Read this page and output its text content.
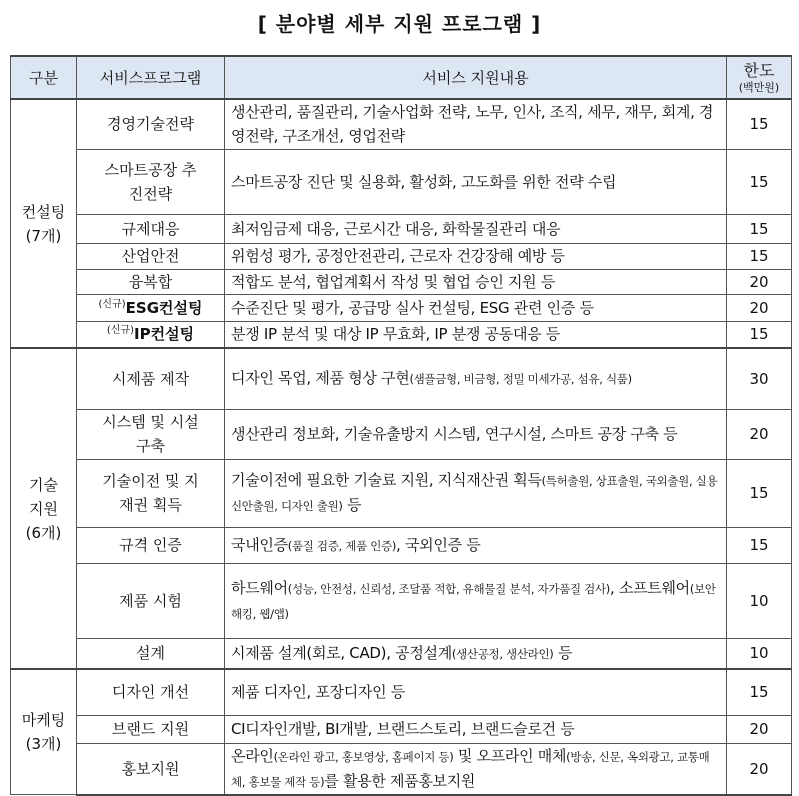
[ 분야별 세부 지원 프로그램 ]
구분	서비스프로그램	서비스 지원내용	한도
(백만원)

컨설팅
(7개)	경영기술전략	생산관리, 품질관리, 기술사업화 전략, 노무, 인사, 조직, 세무, 재무, 회계, 경영전략, 구조개선, 영업전략	15
	스마트공장 추진전략	스마트공장 진단 및 실용화, 활성화, 고도화를 위한 전략 수립	15
	규제대응	최저임금제 대응, 근로시간 대응, 화학물질관리 대응	15
	산업안전	위험성 평가, 공정안전관리, 근로자 건강장해 예방 등	15
	융복합	적합도 분석, 협업계획서 작성 및 협업 승인 지원 등	20
	$^{(신규)}$ESG컨설팅	수준진단 및 평가, 공급망 실사 컨설팅, ESG 관련 인증 등	20
	$^{(신규)}$IP컨설팅	분쟁 IP 분석 및 대상 IP 무효화, IP 분쟁 공동대응 등	15

기술 지원
(6개)	시제품 제작	디자인 목업, 제품 형상 구현(샘플금형, 비금형, 정밀 미세가공, 섬유, 식품)	30
	시스템 및 시설구축	생산관리 정보화, 기술유출방지 시스템, 연구시설, 스마트 공장 구축 등	20
	기술이전 및 지재권 획득	기술이전에 필요한 기술료 지원, 지식재산권 획득(특허출원, 상표출원, 국외출원, 실용신안출원, 디자인 출원) 등	15
	규격 인증	국내인증(품질 검증, 제품 인증), 국외인증 등	15
	제품 시험	하드웨어(성능, 안전성, 신뢰성, 조달품 적합, 유해물질 분석, 자가품질 검사), 소프트웨어(보안해킹, 웹/앱)	10
	설계	시제품 설계(회로, CAD), 공정설계(생산공정, 생산라인) 등	10

마케팅
(3개)	디자인 개선	제품 디자인, 포장디자인 등	15
	브랜드 지원	CI디자인개발, BI개발, 브랜드스토리, 브랜드슬로건 등	20
	홍보지원	온라인(온라인 광고, 홍보영상, 홈페이지 등) 및 오프라인 매체(방송, 신문, 옥외광고, 교통매체, 홍보물 제작 등)를 활용한 제품홍보지원	20
